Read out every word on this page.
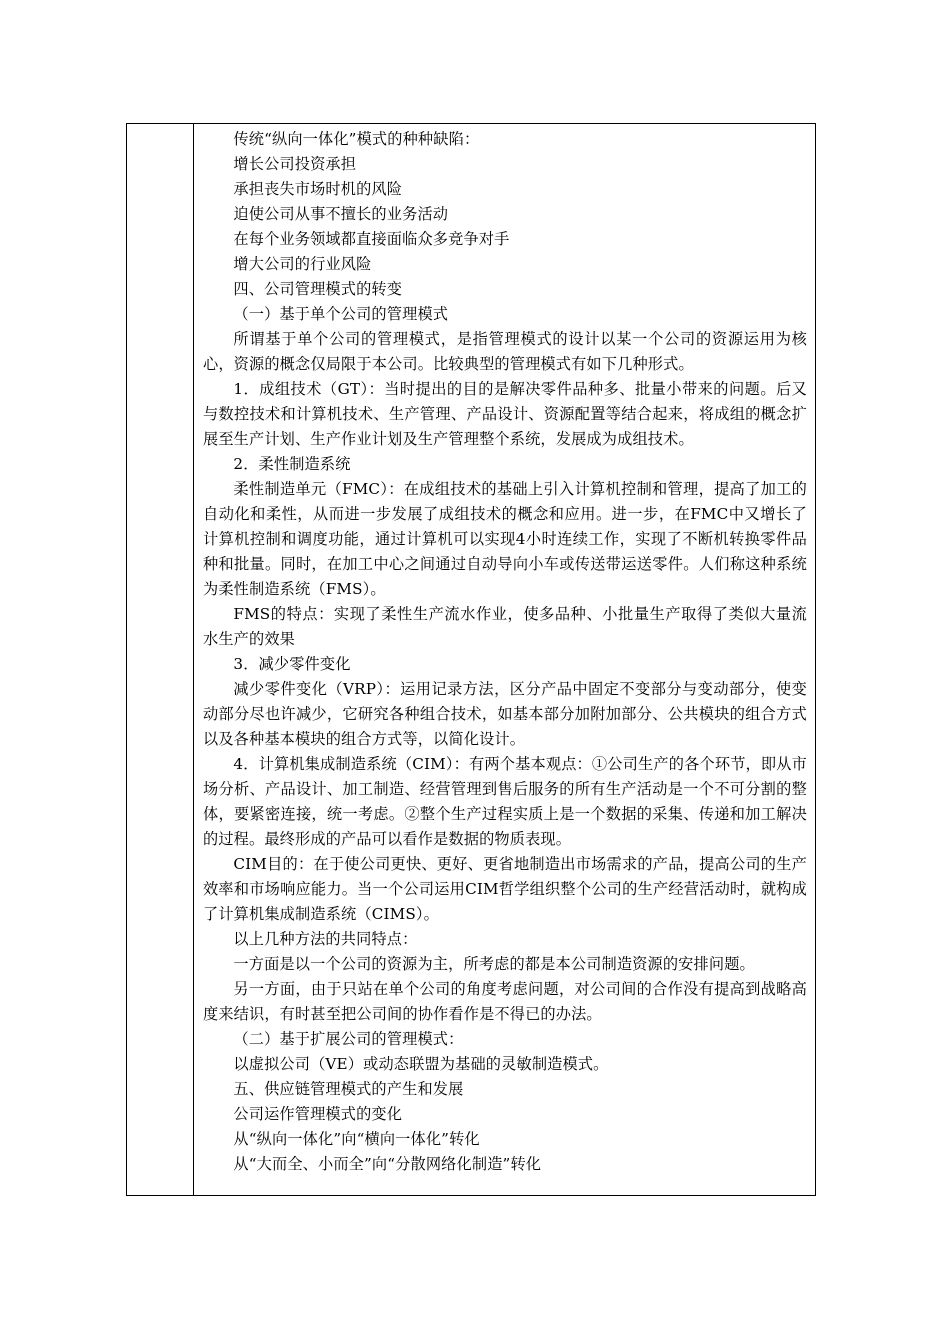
传统“纵向一体化”模式的种种缺陷：

增长公司投资承担

承担丧失市场时机的风险

迫使公司从事不擅长的业务活动

在每个业务领域都直接面临众多竞争对手

增大公司的行业风险

四、公司管理模式的转变

（一）基于单个公司的管理模式

所谓基于单个公司的管理模式，是指管理模式的设计以某一个公司的资源运用为核心，资源的概念仅局限于本公司。比较典型的管理模式有如下几种形式。

1．成组技术（GT）：当时提出的目的是解决零件品种多、批量小带来的问题。后又与数控技术和计算机技术、生产管理、产品设计、资源配置等结合起来，将成组的概念扩展至生产计划、生产作业计划及生产管理整个系统，发展成为成组技术。

2．柔性制造系统

柔性制造单元（FMC）：在成组技术的基础上引入计算机控制和管理，提高了加工的自动化和柔性，从而进一步发展了成组技术的概念和应用。进一步，在FMC中又增长了计算机控制和调度功能，通过计算机可以实现4小时连续工作，实现了不断机转换零件品种和批量。同时，在加工中心之间通过自动导向小车或传送带运送零件。人们称这种系统为柔性制造系统（FMS）。

FMS的特点：实现了柔性生产流水作业，使多品种、小批量生产取得了类似大量流水生产的效果

3．减少零件变化

减少零件变化（VRP）：运用记录方法，区分产品中固定不变部分与变动部分，使变动部分尽也许减少，它研究各种组合技术，如基本部分加附加部分、公共模块的组合方式以及各种基本模块的组合方式等，以简化设计。

4．计算机集成制造系统（CIM）：有两个基本观点：①公司生产的各个环节，即从市场分析、产品设计、加工制造、经营管理到售后服务的所有生产活动是一个不可分割的整体，要紧密连接，统一考虑。②整个生产过程实质上是一个数据的采集、传递和加工解决的过程。最终形成的产品可以看作是数据的物质表现。

CIM目的：在于使公司更快、更好、更省地制造出市场需求的产品，提高公司的生产效率和市场响应能力。当一个公司运用CIM哲学组织整个公司的生产经营活动时，就构成了计算机集成制造系统（CIMS）。

以上几种方法的共同特点：

一方面是以一个公司的资源为主，所考虑的都是本公司制造资源的安排问题。

另一方面，由于只站在单个公司的角度考虑问题，对公司间的合作没有提高到战略高度来结识，有时甚至把公司间的协作看作是不得已的办法。

（二）基于扩展公司的管理模式：

以虚拟公司（VE）或动态联盟为基础的灵敏制造模式。

五、供应链管理模式的产生和发展

公司运作管理模式的变化

从“纵向一体化”向“横向一体化”转化

从“大而全、小而全”向“分散网络化制造”转化
